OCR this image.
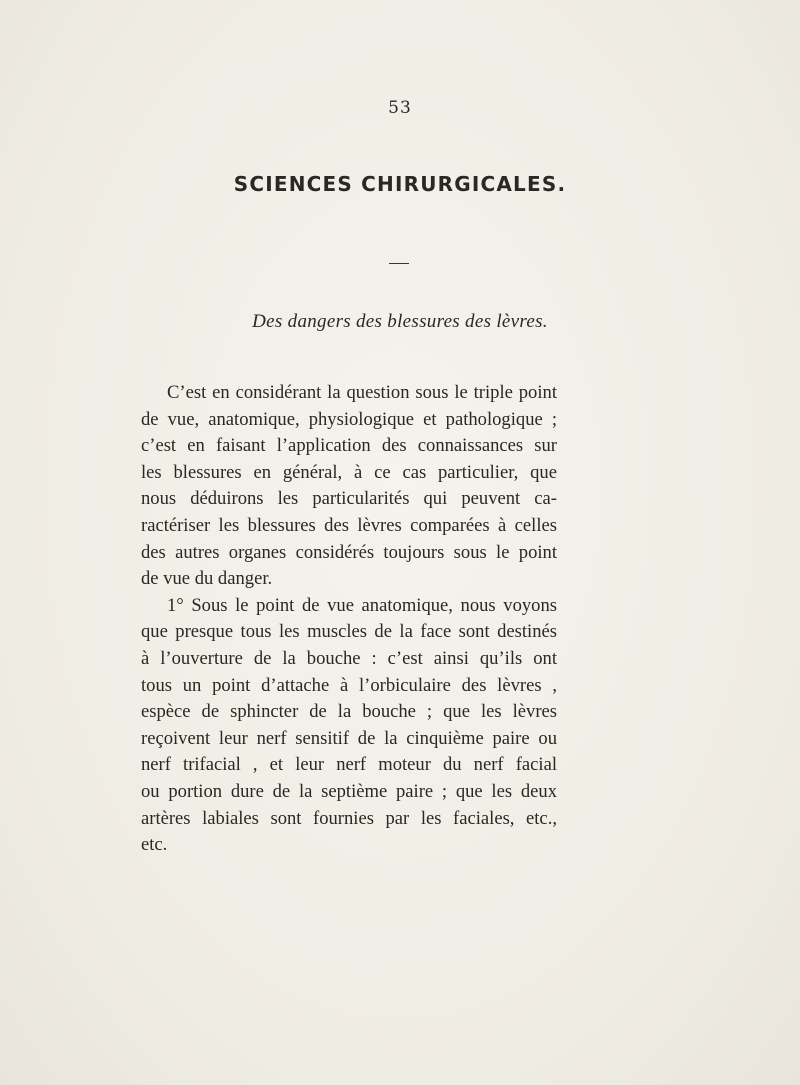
53
SCIENCES CHIRURGICALES.
Des dangers des blessures des lèvres.
C’est en considérant la question sous le triple point
de vue, anatomique, physiologique et pathologique ;
c’est en faisant l’application des connaissances sur
les blessures en général, à ce cas particulier, que
nous déduirons les particularités qui peuvent ca-
ractériser les blessures des lèvres comparées à celles
des autres organes considérés toujours sous le point
de vue du danger.
1° Sous le point de vue anatomique, nous voyons
que presque tous les muscles de la face sont destinés
à l’ouverture de la bouche : c’est ainsi qu’ils ont
tous un point d’attache à l’orbiculaire des lèvres ,
espèce de sphincter de la bouche ; que les lèvres
reçoivent leur nerf sensitif de la cinquième paire ou
nerf trifacial , et leur nerf moteur du nerf facial
ou portion dure de la septième paire ; que les deux
artères labiales sont fournies par les faciales, etc.,
etc.
